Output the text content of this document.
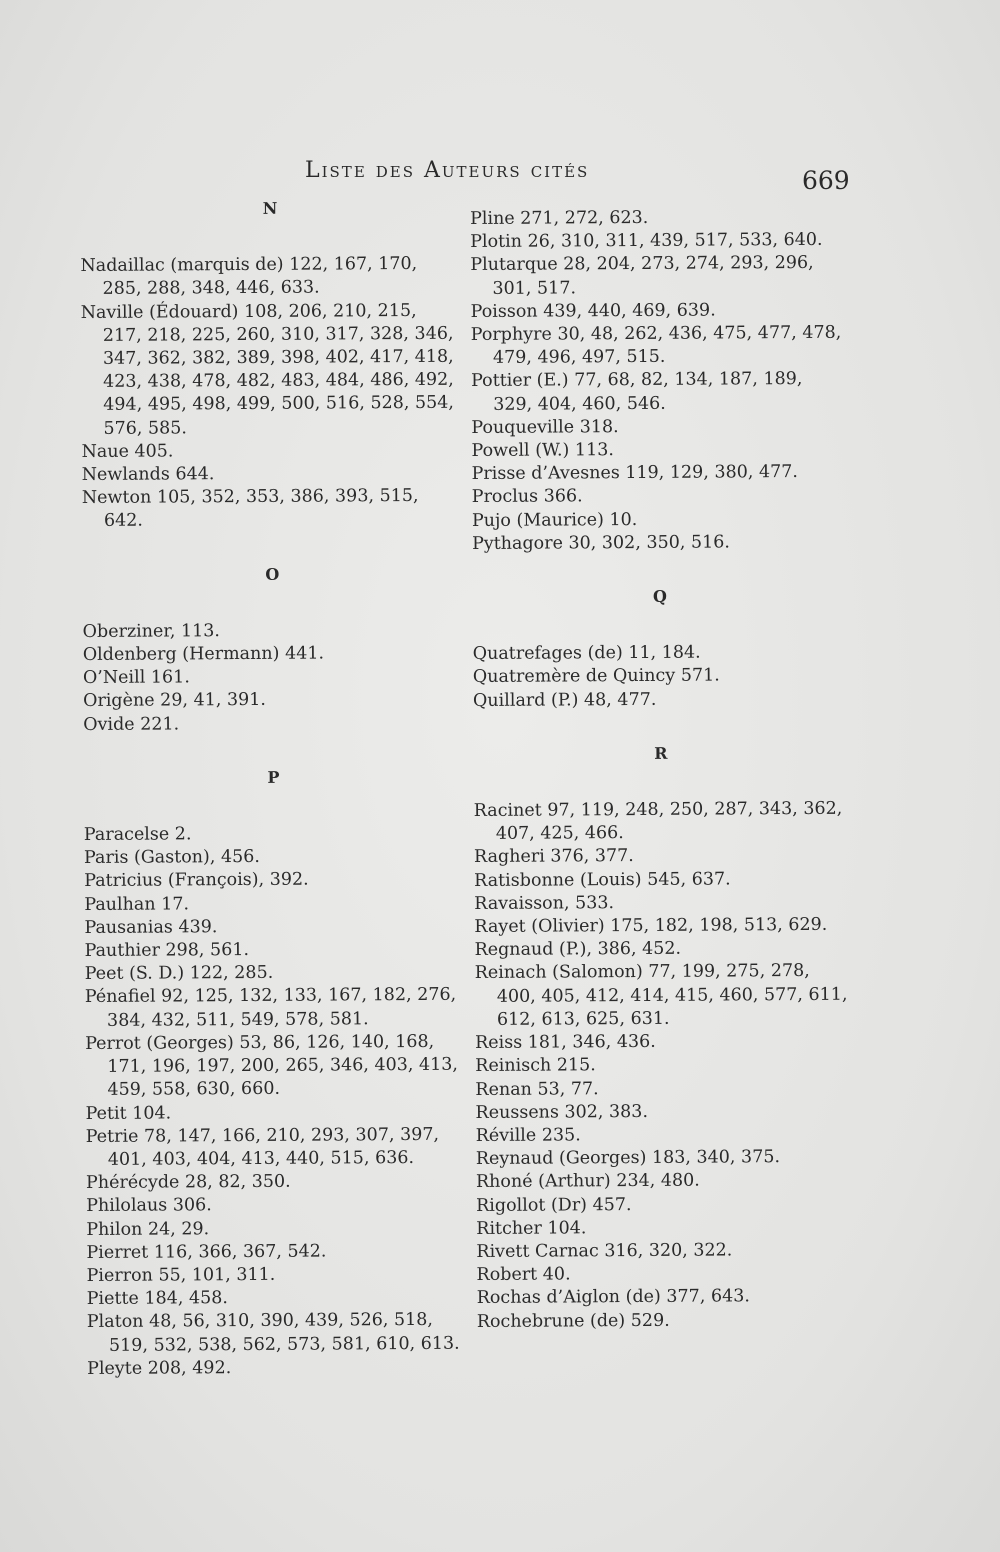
Liste des Auteurs cités	669
N
Nadaillac (marquis de) 122, 167, 170, 285, 288, 348, 446, 633.
Naville (Édouard) 108, 206, 210, 215, 217, 218, 225, 260, 310, 317, 328, 346, 347, 362, 382, 389, 398, 402, 417, 418, 423, 438, 478, 482, 483, 484, 486, 492, 494, 495, 498, 499, 500, 516, 528, 554, 576, 585.
Naue 405.
Newlands 644.
Newton 105, 352, 353, 386, 393, 515, 642.
O
Oberziner, 113.
Oldenberg (Hermann) 441.
O’Neill 161.
Origène 29, 41, 391.
Ovide 221.
P
Paracelse 2.
Paris (Gaston), 456.
Patricius (François), 392.
Paulhan 17.
Pausanias 439.
Pauthier 298, 561.
Peet (S. D.) 122, 285.
Pénafiel 92, 125, 132, 133, 167, 182, 276, 384, 432, 511, 549, 578, 581.
Perrot (Georges) 53, 86, 126, 140, 168, 171, 196, 197, 200, 265, 346, 403, 413, 459, 558, 630, 660.
Petit 104.
Petrie 78, 147, 166, 210, 293, 307, 397, 401, 403, 404, 413, 440, 515, 636.
Phérécyde 28, 82, 350.
Philolaus 306.
Philon 24, 29.
Pierret 116, 366, 367, 542.
Pierron 55, 101, 311.
Piette 184, 458.
Platon 48, 56, 310, 390, 439, 526, 518, 519, 532, 538, 562, 573, 581, 610, 613.
Pleyte 208, 492.
Pline 271, 272, 623.
Plotin 26, 310, 311, 439, 517, 533, 640.
Plutarque 28, 204, 273, 274, 293, 296, 301, 517.
Poisson 439, 440, 469, 639.
Porphyre 30, 48, 262, 436, 475, 477, 478, 479, 496, 497, 515.
Pottier (E.) 77, 68, 82, 134, 187, 189, 329, 404, 460, 546.
Pouqueville 318.
Powell (W.) 113.
Prisse d’Avesnes 119, 129, 380, 477.
Proclus 366.
Pujo (Maurice) 10.
Pythagore 30, 302, 350, 516.
Q
Quatrefages (de) 11, 184.
Quatremère de Quincy 571.
Quillard (P.) 48, 477.
R
Racinet 97, 119, 248, 250, 287, 343, 362, 407, 425, 466.
Ragheri 376, 377.
Ratisbonne (Louis) 545, 637.
Ravaisson, 533.
Rayet (Olivier) 175, 182, 198, 513, 629.
Regnaud (P.), 386, 452.
Reinach (Salomon) 77, 199, 275, 278, 400, 405, 412, 414, 415, 460, 577, 611, 612, 613, 625, 631.
Reiss 181, 346, 436.
Reinisch 215.
Renan 53, 77.
Reussens 302, 383.
Réville 235.
Reynaud (Georges) 183, 340, 375.
Rhoné (Arthur) 234, 480.
Rigollot (Dr) 457.
Ritcher 104.
Rivett Carnac 316, 320, 322.
Robert 40.
Rochas d’Aiglon (de) 377, 643.
Rochebrune (de) 529.
